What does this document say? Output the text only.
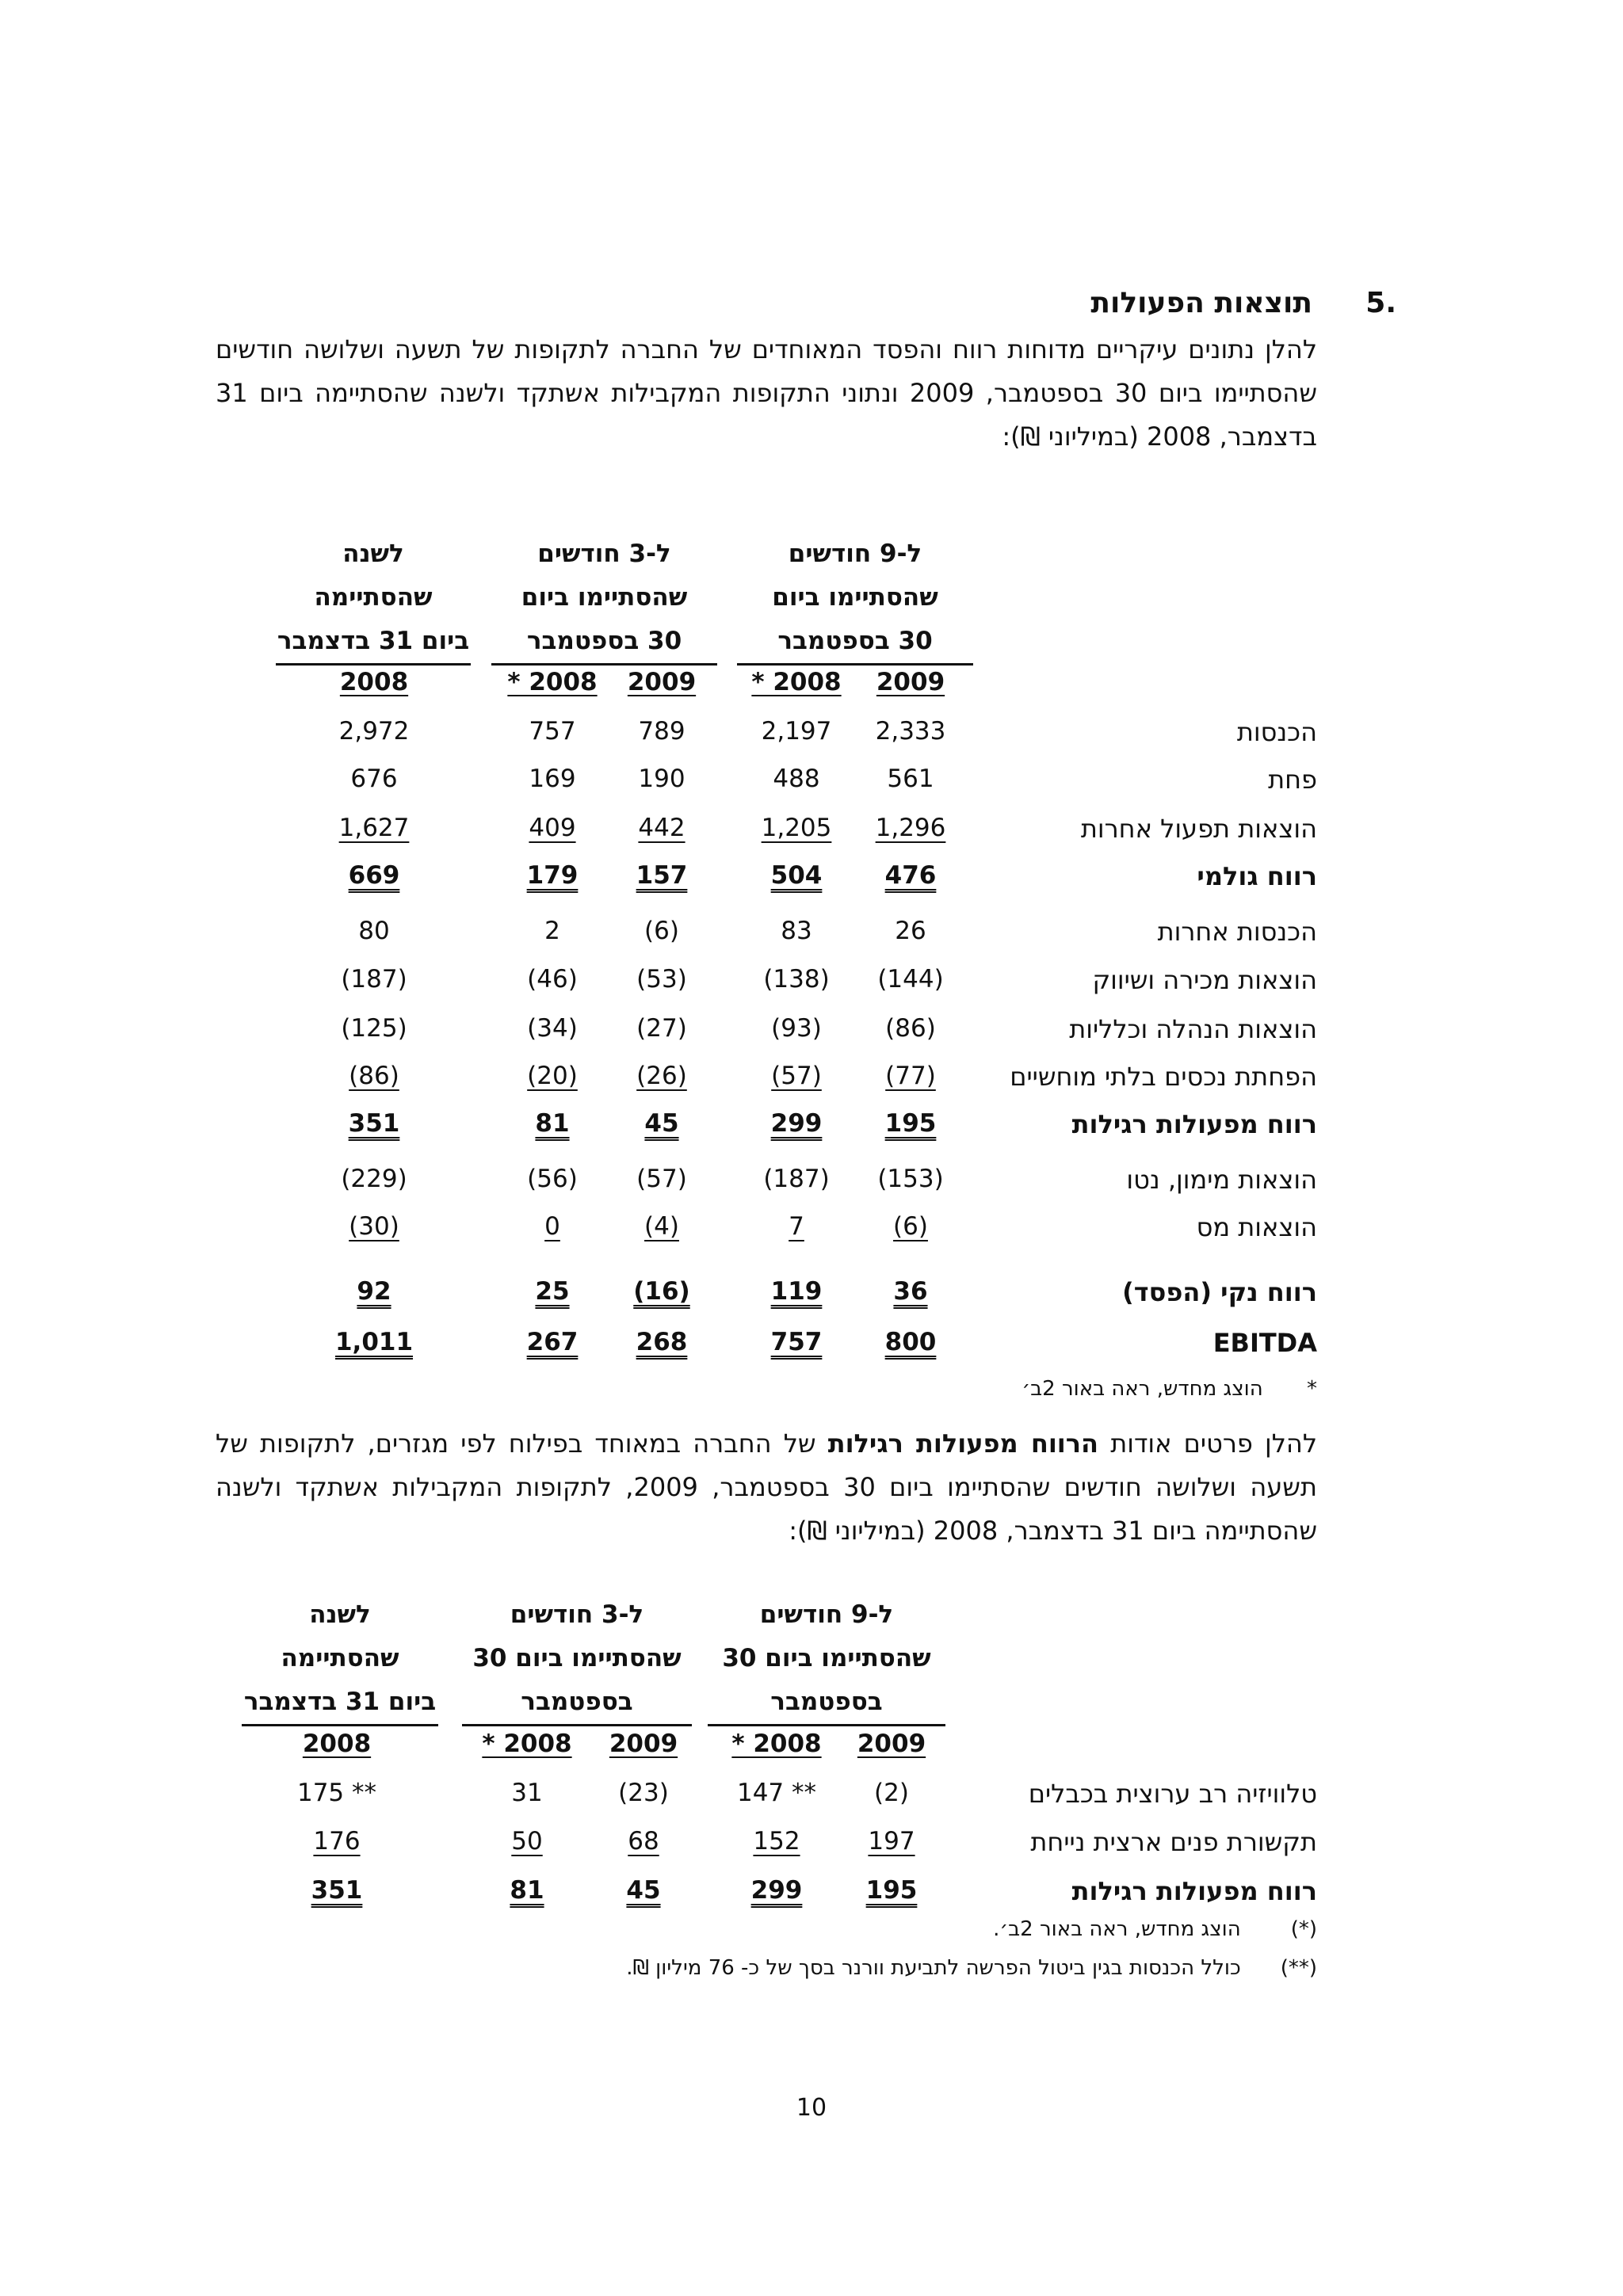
5.
תוצאות הפעולות
להלן נתונים עיקריים מדוחות רווח והפסד המאוחדים של החברה לתקופות של תשעה ושלושה חודשים שהסתיימו ביום 30 בספטמבר, 2009 ונתוני התקופות המקבילות אשתקד ולשנה שהסתיימה ביום 31 בדצמבר, 2008 (במיליוני ₪):
ל-9 חודשים
שהסתיימו ביום
30 בספטמבר
ל-3 חודשים
שהסתיימו ביום
30 בספטמבר
לשנה
שהסתיימה
ביום 31 בדצמבר
2009
* 2008
2009
* 2008
2008
הכנסות
2,333
2,197
789
757
2,972
פחת
561
488
190
169
676
הוצאות תפעול אחרות
1,296
1,205
442
409
1,627
רווח גולמי
476
504
157
179
669
הכנסות אחרות
26
83
(6)
2
80
הוצאות מכירה ושיווק
(144)
(138)
(53)
(46)
(187)
הוצאות הנהלה וכלליות
(86)
(93)
(27)
(34)
(125)
הפחתת נכסים בלתי מוחשיים
(77)
(57)
(26)
(20)
(86)
רווח מפעולות רגילות
195
299
45
81
351
הוצאות מימון, נטו
(153)
(187)
(57)
(56)
(229)
הוצאות מס
(6)
7
(4)
0
(30)
רווח נקי (הפסד)
36
119
(16)
25
92
EBITDA
800
757
268
267
1,011
* הוצג מחדש, ראה באור 2ב׳
להלן פרטים אודות הרווח מפעולות רגילות של החברה במאוחד בפילוח לפי מגזרים, לתקופות של תשעה ושלושה חודשים שהסתיימו ביום 30 בספטמבר, 2009, לתקופות המקבילות אשתקד ולשנה שהסתיימה ביום 31 בדצמבר, 2008 (במיליוני ₪):
ל-9 חודשים
שהסתיימו ביום 30
בספטמבר
ל-3 חודשים
שהסתיימו ביום 30
בספטמבר
לשנה
שהסתיימה
ביום 31 בדצמבר
2009
* 2008
2009
* 2008
2008
טלוויזיה רב ערוצית בכבלים
(2)
147 **
(23)
31
175 **
תקשורת פנים ארצית נייחת
197
152
68
50
176
רווח מפעולות רגילות
195
299
45
81
351
(*) הוצג מחדש, ראה באור 2ב׳.
(**) כולל הכנסות בגין ביטול הפרשה לתביעת וורנר בסך של כ- 76 מיליון ₪.
10
